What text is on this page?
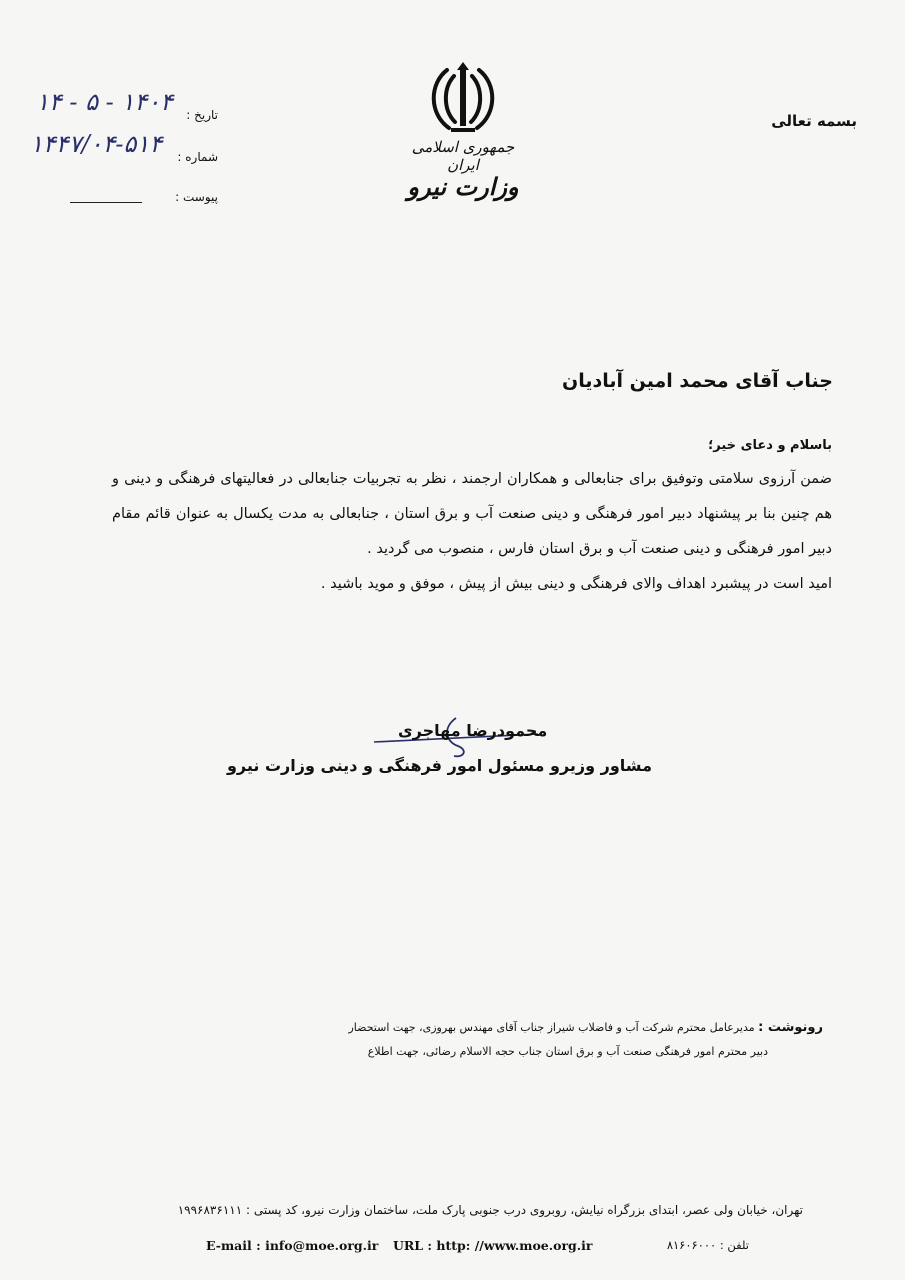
بسمه تعالی
جمهوری اسلامی ایران
وزارت نیرو
تاریخ :
۱۴۰۴ - ۵ - ۱۴
شماره :
۱۴۴۷/۰۴-۵۱۴
پیوست :
جناب آقای محمد امین آبادیان
باسلام و دعای خیر؛

ضمن آرزوی سلامتی وتوفیق برای جنابعالی و همکاران ارجمند ، نظر به تجربیات جنابعالی در فعالیتهای فرهنگی و دینی و هم چنین بنا بر پیشنهاد دبیر امور فرهنگی و دینی صنعت آب و برق استان ، جنابعالی به مدت یکسال به عنوان قائم مقام دبیر امور فرهنگی و دینی صنعت آب و برق استان فارس ، منصوب می گردید .

امید است در پیشبرد اهداف والای فرهنگی و دینی بیش از پیش ، موفق و موید باشید .

محمودرضا مهاجری
مشاور وزیرو مسئول امور فرهنگی و دینی وزارت نیرو
رونوشت : مدیرعامل محترم شرکت آب و فاضلاب شیراز جناب آقای مهندس بهروزی، جهت استحضار
دبیر محترم امور فرهنگی صنعت آب و برق استان جناب حجه الاسلام رضائی، جهت اطلاع
تهران، خیابان ولی عصر، ابتدای بزرگراه نیایش، روبروی درب جنوبی پارک ملت، ساختمان وزارت نیرو، کد پستی : ۱۹۹۶۸۳۶۱۱۱
E-mail : info@moe.org.ir URL : http: //www.moe.org.ir	تلفن : ۸۱۶۰۶۰۰۰
